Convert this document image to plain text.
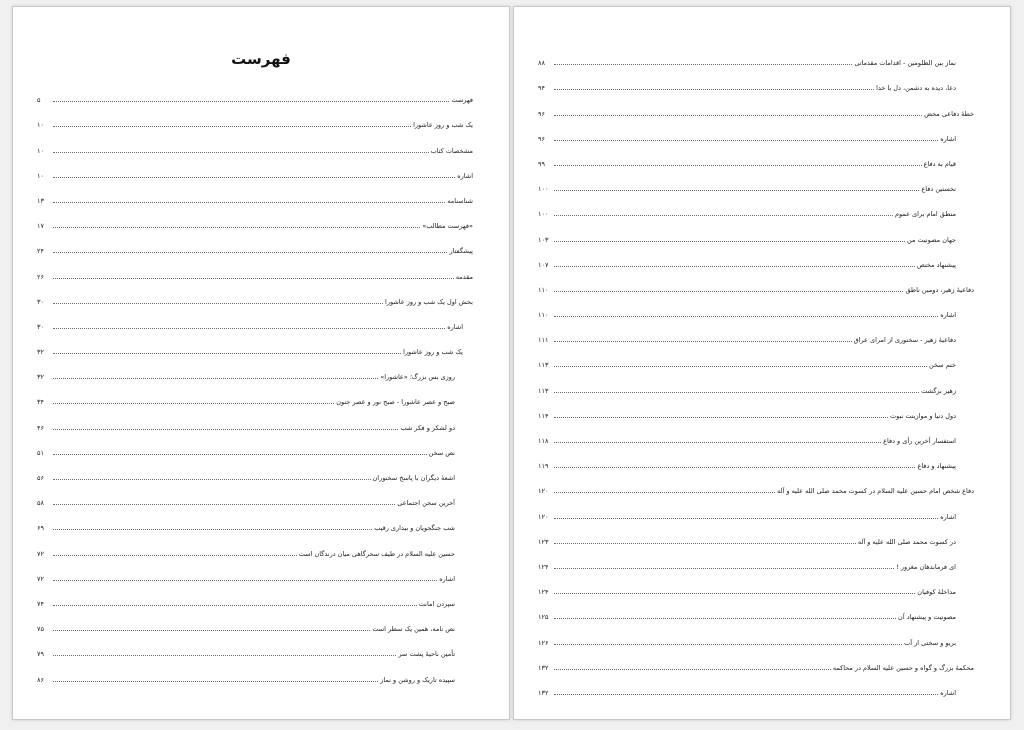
فهرست
فهرست
۵
یک شب و روز عاشورا
۱۰
مشخصات کتاب
۱۰
اشاره
۱۰
شناسنامه
۱۳
«فهرست مطالب»
۱۷
پیشگفتار
۲۴
مقدمه
۲۶
بخش اول یک شب و روز عاشورا
۳۰
اشاره
۳۰
یک شب و روز عاشورا
۳۲
روزی بس بزرگ؛ «عاشورا»
۳۲
صبح و عصر عاشورا - صبح نور و عصر جنون
۳۴
دو لشکر و فکر شب
۴۶
نص سخن
۵۱
اشعهٔ دیگران با پاسخ سخنوران
۵۶
آخرین سخن اجتماعی
۵۸
شب جنگجویان و بیداری رقیب
۶۹
حسین علیه السلام در طیف سحرگاهی میان درندگان است
۷۲
اشاره
۷۲
سپردن امانت
۷۴
نص نامه، همین یک سطر است
۷۵
تأمین ناحیهٔ پشت سر
۷۹
سپیده تاریک و روشن و نماز
۸۶
نماز بین الظلومین - اقدامات مقدماتی
۸۸
دعا، دیده به دشمن، دل با خدا
۹۴
خطهٔ دفاعی محض
۹۶
اشاره
۹۶
قیام به دفاع
۹۹
نخستین دفاع
۱۰۰
منطق امام برای عموم
۱۰۰
جهان مصونیت من
۱۰۳
پیشنهاد مختص
۱۰۷
دفاعیهٔ زهیر، دومین ناطق
۱۱۰
اشاره
۱۱۰
دفاعیهٔ زهیر - سخنوری از امرای عراق
۱۱۱
ختم سخن
۱۱۳
زهیر برگشت
۱۱۳
دول دنیا و موازینت نبوت
۱۱۴
استفسار آخرین رأی و دفاع
۱۱۸
پیشنهاد و دفاع
۱۱۹
دفاع شخص امام حسین علیه السلام در کسوت محمد صلی الله علیه و آله
۱۲۰
اشاره
۱۲۰
در کسوت محمد صلی الله علیه و آله
۱۲۳
ای فرماندهان مغرور !
۱۲۴
مداخلهٔ کوفیان
۱۲۴
مصونیت و پیشنهاد آن
۱۲۵
بریو و سختی از آب
۱۲۶
محکمهٔ بزرگ و گواه و حسین علیه السلام در محاکمه
۱۳۲
اشاره
۱۳۲
